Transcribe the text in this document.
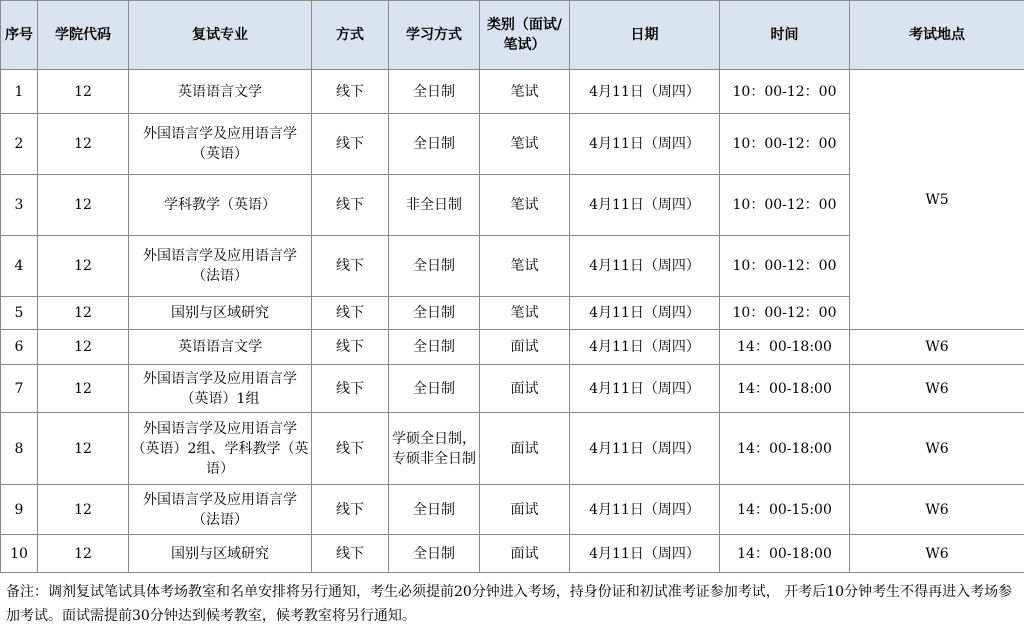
序号	学院代码	复试专业	方式	学习方式	类别（面试/笔试）	日期	时间	考试地点
1	12	英语语言文学	线下	全日制	笔试	4月11日（周四）	10：00-12：00	W5
2	12	外国语言学及应用语言学（英语）	线下	全日制	笔试	4月11日（周四）	10：00-12：00	
3	12	学科教学（英语）	线下	非全日制	笔试	4月11日（周四）	10：00-12：00	
4	12	外国语言学及应用语言学（法语）	线下	全日制	笔试	4月11日（周四）	10：00-12：00	
5	12	国别与区域研究	线下	全日制	笔试	4月11日（周四）	10：00-12：00	
6	12	英语语言文学	线下	全日制	面试	4月11日（周四）	14：00-18:00	W6
7	12	外国语言学及应用语言学（英语）1组	线下	全日制	面试	4月11日（周四）	14：00-18:00	W6
8	12	外国语言学及应用语言学（英语）2组、学科教学（英语）	线下	学硕全日制，专硕非全日制	面试	4月11日（周四）	14：00-18:00	W6
9	12	外国语言学及应用语言学（法语）	线下	全日制	面试	4月11日（周四）	14：00-15:00	W6
10	12	国别与区域研究	线下	全日制	面试	4月11日（周四）	14：00-18:00	W6
备注：调剂复试笔试具体考场教室和名单安排将另行通知，考生必须提前20分钟进入考场，持身份证和初试准考证参加考试， 开考后10分钟考生不得再进入考场参加考试。面试需提前30分钟达到候考教室，候考教室将另行通知。
